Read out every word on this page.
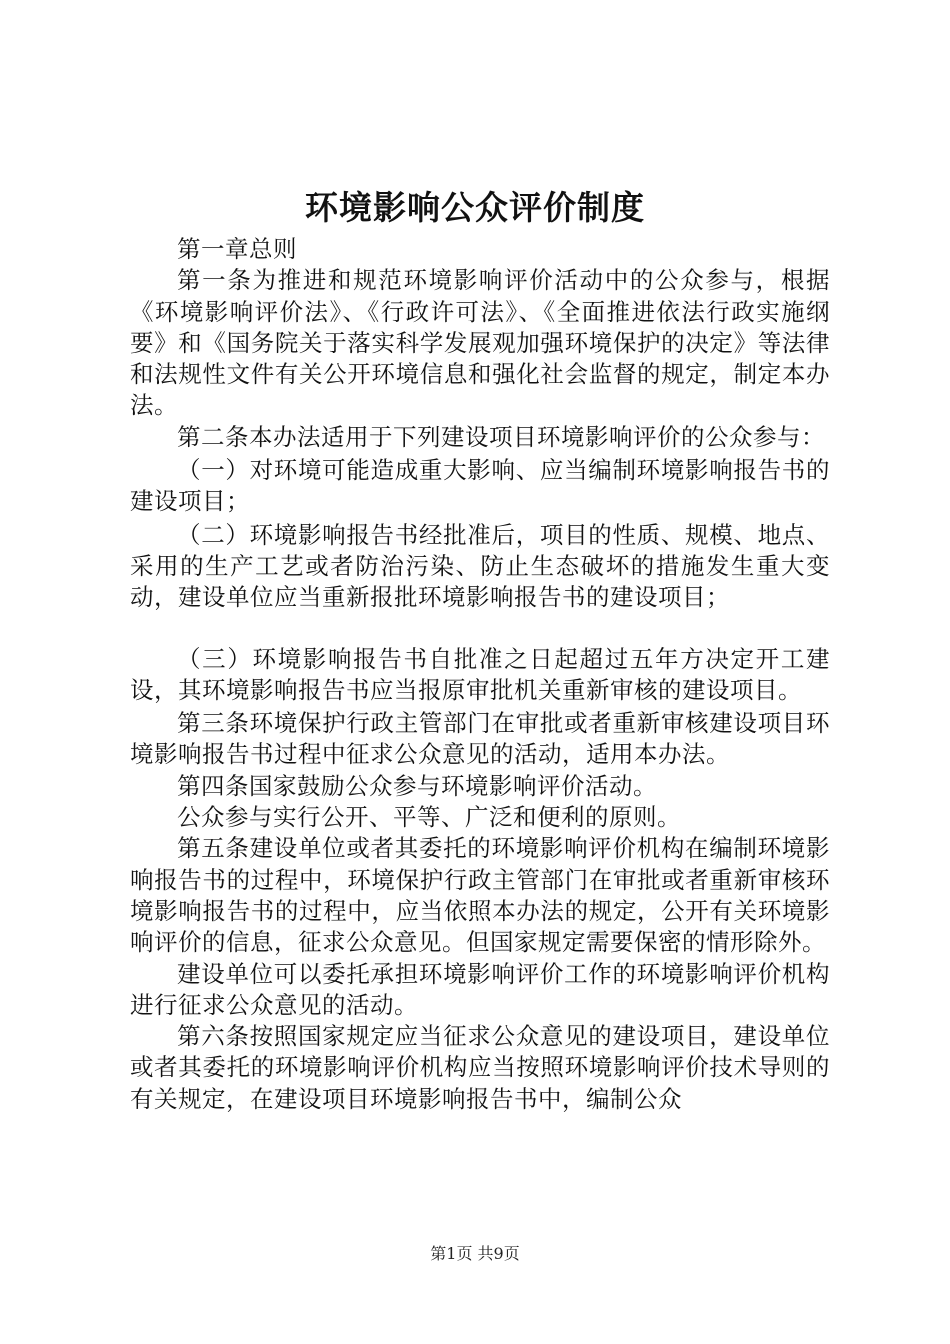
环境影响公众评价制度

第一章总则

第一条为推进和规范环境影响评价活动中的公众参与，根据《环境影响评价法》、《行政许可法》、《全面推进依法行政实施纲要》和《国务院关于落实科学发展观加强环境保护的决定》等法律和法规性文件有关公开环境信息和强化社会监督的规定，制定本办法。

第二条本办法适用于下列建设项目环境影响评价的公众参与：

（一）对环境可能造成重大影响、应当编制环境影响报告书的建设项目；

（二）环境影响报告书经批准后，项目的性质、规模、地点、采用的生产工艺或者防治污染、防止生态破坏的措施发生重大变动，建设单位应当重新报批环境影响报告书的建设项目；

（三）环境影响报告书自批准之日起超过五年方决定开工建设，其环境影响报告书应当报原审批机关重新审核的建设项目。

第三条环境保护行政主管部门在审批或者重新审核建设项目环境影响报告书过程中征求公众意见的活动，适用本办法。

第四条国家鼓励公众参与环境影响评价活动。

公众参与实行公开、平等、广泛和便利的原则。

第五条建设单位或者其委托的环境影响评价机构在编制环境影响报告书的过程中，环境保护行政主管部门在审批或者重新审核环境影响报告书的过程中，应当依照本办法的规定，公开有关环境影响评价的信息，征求公众意见。但国家规定需要保密的情形除外。

建设单位可以委托承担环境影响评价工作的环境影响评价机构进行征求公众意见的活动。

第六条按照国家规定应当征求公众意见的建设项目，建设单位或者其委托的环境影响评价机构应当按照环境影响评价技术导则的有关规定，在建设项目环境影响报告书中，编制公众

第1页 共9页
